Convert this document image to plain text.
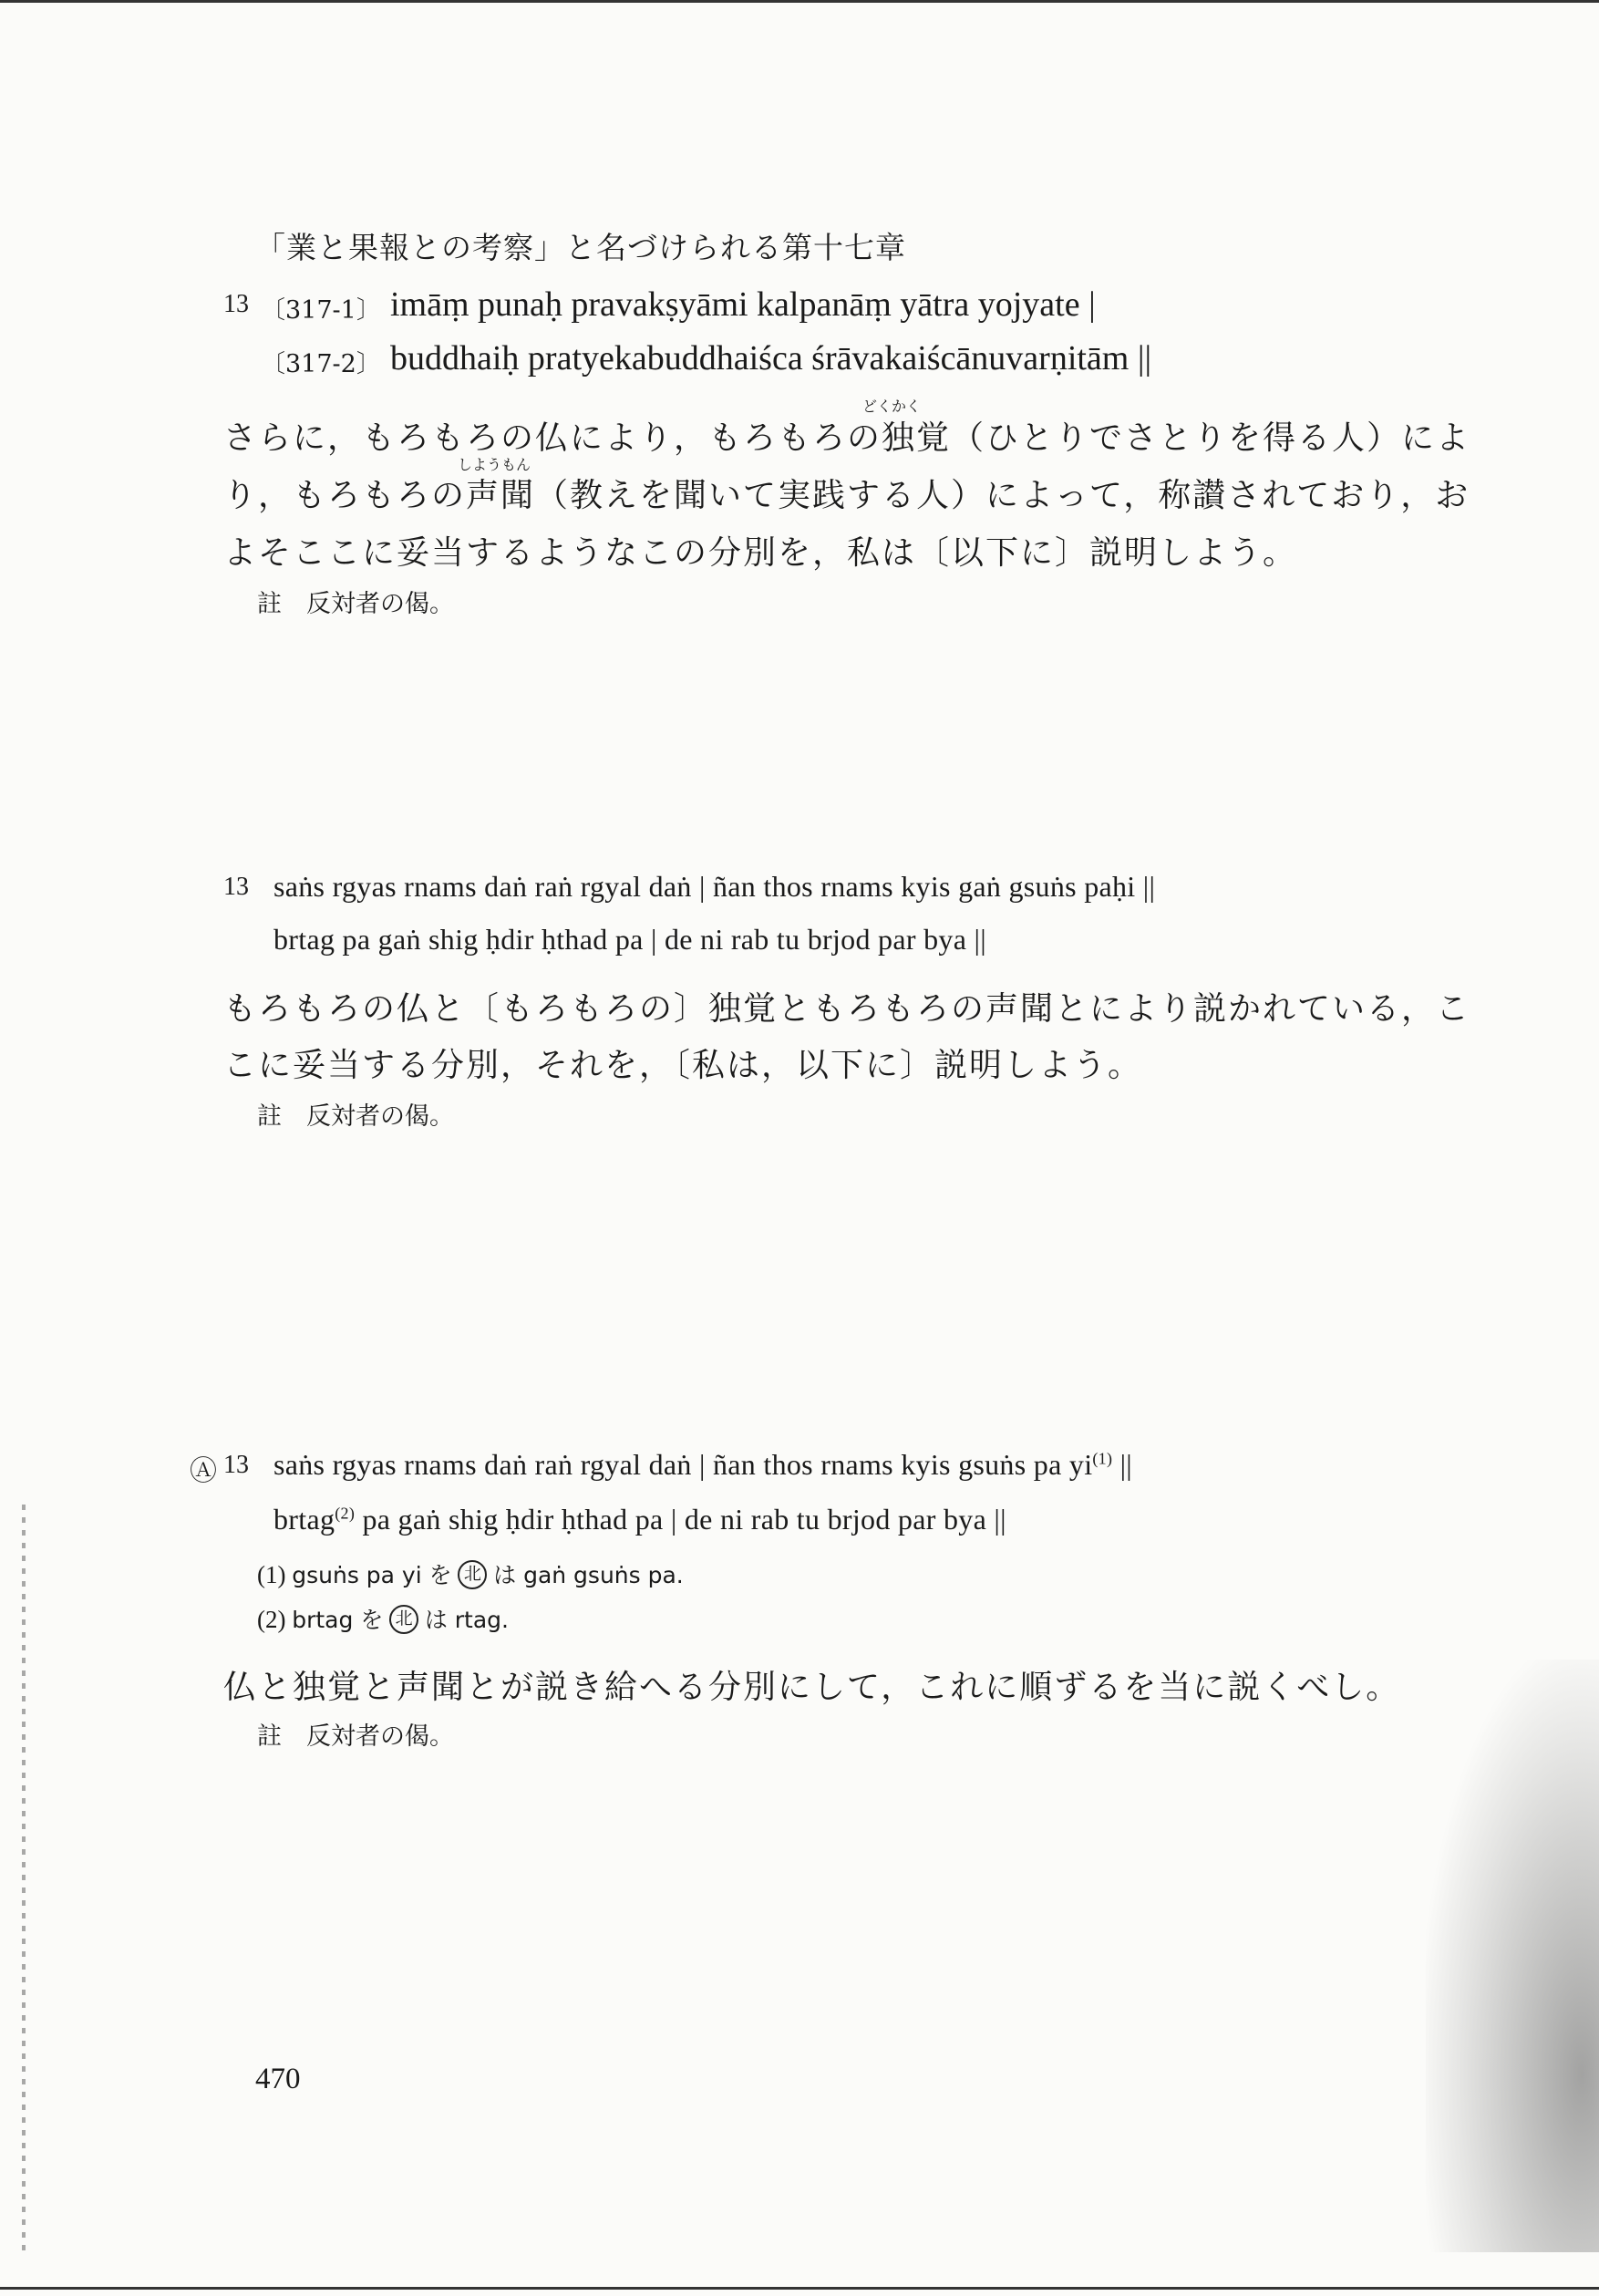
「業と果報との考察」と名づけられる第十七章
13 〔317-1〕 imāṃ punaḥ pravakṣyāmi kalpanāṃ yātra yojyate |
〔317-2〕 buddhaiḥ pratyekabuddhaiśca śrāvakaiścānuvarṇitām ||
どくかく
さらに，もろもろの仏により，もろもろの独覚（ひとりでさとりを得る人）によ
しようもん
り，もろもろの声聞（教えを聞いて実践する人）によって，称讃されており，お
よそここに妥当するようなこの分別を，私は〔以下に〕説明しよう。
註　反対者の偈。
13 saṅs rgyas rnams daṅ raṅ rgyal daṅ | ñan thos rnams kyis gaṅ gsuṅs paḥi ||
brtag pa gaṅ shig ḥdir ḥthad pa | de ni rab tu brjod par bya ||
もろもろの仏と〔もろもろの〕独覚ともろもろの声聞とにより説かれている，こ
こに妥当する分別，それを，〔私は，以下に〕説明しよう。
註　反対者の偈。
Ⓐ 13 saṅs rgyas rnams daṅ raṅ rgyal daṅ | ñan thos rnams kyis gsuṅs pa $yi^{(1)}$ ||
brtag$^{(2)}$ pa gaṅ shig ḥdir ḥthad pa | de ni rab tu brjod par bya ||
(1) gsuṅs pa yi を 北 は gaṅ gsuṅs pa.
(2) brtag を 北 は rtag.
仏と独覚と声聞とが説き給へる分別にして，これに順ずるを当に説くべし。
註　反対者の偈。
470
